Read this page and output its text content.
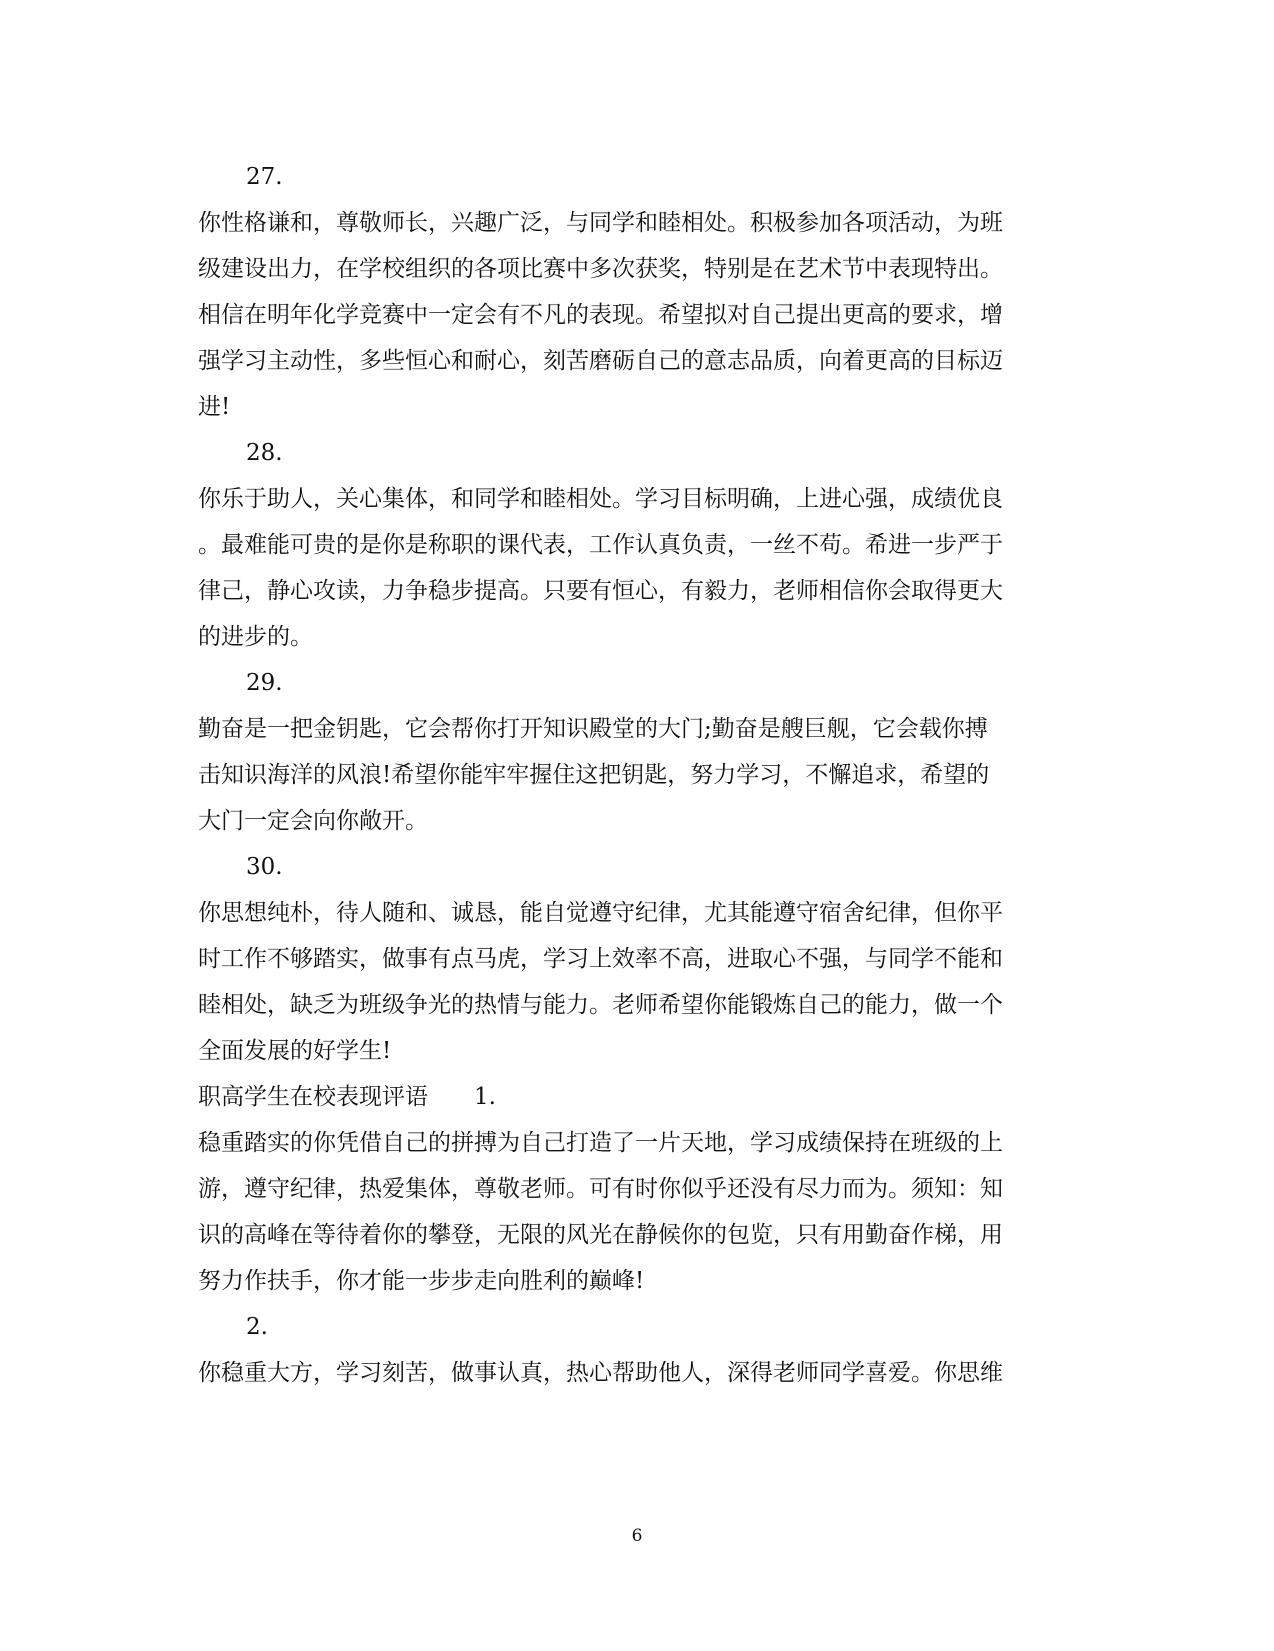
27.
你性格谦和，尊敬师长，兴趣广泛，与同学和睦相处。积极参加各项活动，为班
级建设出力，在学校组织的各项比赛中多次获奖，特别是在艺术节中表现特出。
相信在明年化学竞赛中一定会有不凡的表现。希望拟对自己提出更高的要求，增
强学习主动性，多些恒心和耐心，刻苦磨砺自己的意志品质，向着更高的目标迈
进!
28.
你乐于助人，关心集体，和同学和睦相处。学习目标明确，上进心强，成绩优良
。最难能可贵的是你是称职的课代表，工作认真负责，一丝不苟。希进一步严于
律己，静心攻读，力争稳步提高。只要有恒心，有毅力，老师相信你会取得更大
的进步的。
29.
勤奋是一把金钥匙，它会帮你打开知识殿堂的大门;勤奋是艘巨舰，它会载你搏
击知识海洋的风浪!希望你能牢牢握住这把钥匙，努力学习，不懈追求，希望的
大门一定会向你敞开。
30.
你思想纯朴，待人随和、诚恳，能自觉遵守纪律，尤其能遵守宿舍纪律，但你平
时工作不够踏实，做事有点马虎，学习上效率不高，进取心不强，与同学不能和
睦相处，缺乏为班级争光的热情与能力。老师希望你能锻炼自己的能力，做一个
全面发展的好学生!
职高学生在校表现评语 1.
稳重踏实的你凭借自己的拼搏为自己打造了一片天地，学习成绩保持在班级的上
游，遵守纪律，热爱集体，尊敬老师。可有时你似乎还没有尽力而为。须知：知
识的高峰在等待着你的攀登，无限的风光在静候你的包览，只有用勤奋作梯，用
努力作扶手，你才能一步步走向胜利的巅峰!
2.
你稳重大方，学习刻苦，做事认真，热心帮助他人，深得老师同学喜爱。你思维
6
